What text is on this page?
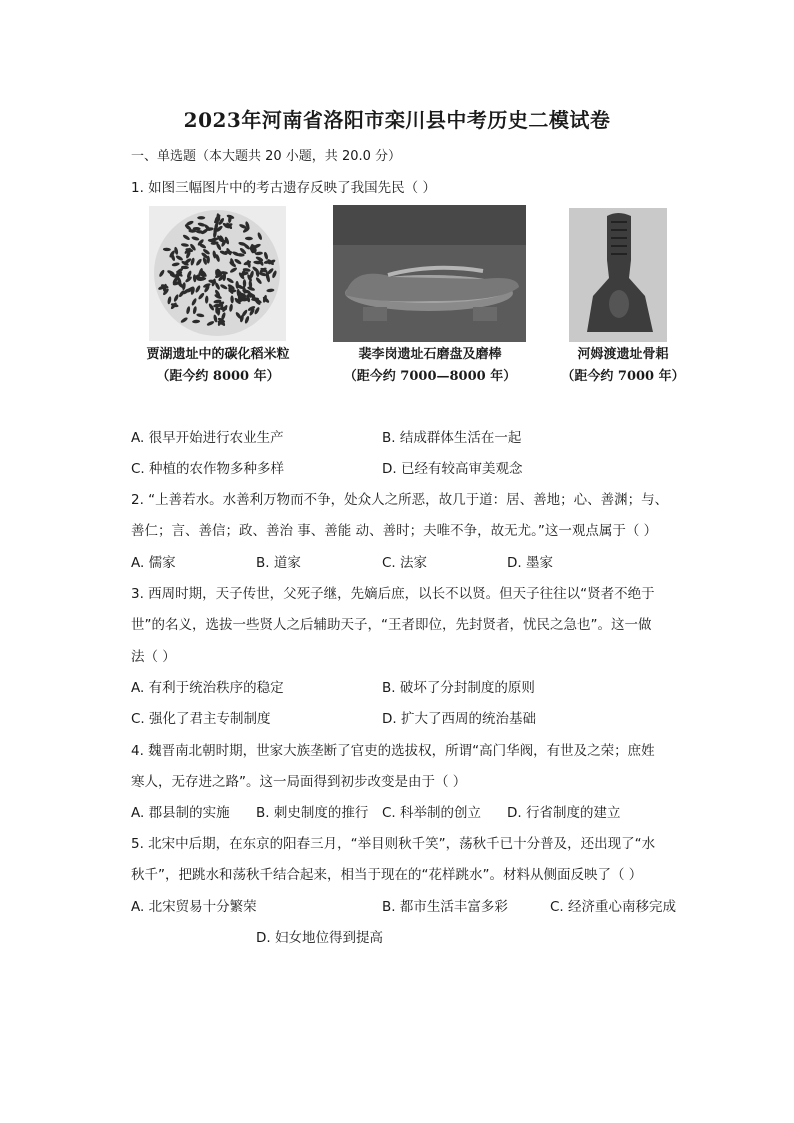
2023年河南省洛阳市栾川县中考历史二模试卷
一、单选题（本大题共 20 小题，共 20.0 分）
1. 如图三幅图片中的考古遗存反映了我国先民（ ）
贾湖遗址中的碳化稻米粒
（距今约 8000 年）
裴李岗遗址石磨盘及磨棒
（距今约 7000—8000 年）
河姆渡遗址骨耜
（距今约 7000 年）
A. 很早开始进行农业生产	B. 结成群体生活在一起
C. 种植的农作物多种多样	D. 已经有较高审美观念
2. “上善若水。水善利万物而不争，处众人之所恶，故几于道：居、善地；心、善渊；与、
善仁；言、善信；政、善治 事、善能 动、善时；夫唯不争，故无尤。”这一观点属于（ ）
A. 儒家	B. 道家	C. 法家	D. 墨家
3. 西周时期，天子传世，父死子继，先嫡后庶，以长不以贤。但天子往往以“贤者不绝于
世”的名义，选拔一些贤人之后辅助天子，“王者即位，先封贤者，忧民之急也”。这一做
法（ ）
A. 有利于统治秩序的稳定	B. 破坏了分封制度的原则
C. 强化了君主专制制度	D. 扩大了西周的统治基础
4. 魏晋南北朝时期，世家大族垄断了官吏的选拔权，所谓“高门华阀，有世及之荣；庶姓
寒人，无存进之路”。这一局面得到初步改变是由于（ ）
A. 郡县制的实施 B. 刺史制度的推行 C. 科举制的创立 D. 行省制度的建立
5. 北宋中后期，在东京的阳春三月，“举目则秋千笑”，荡秋千已十分普及，还出现了“水
秋千”，把跳水和荡秋千结合起来，相当于现在的“花样跳水”。材料从侧面反映了（ ）
A. 北宋贸易十分繁荣	B. 都市生活丰富多彩	C. 经济重心南移完成
D. 妇女地位得到提高
